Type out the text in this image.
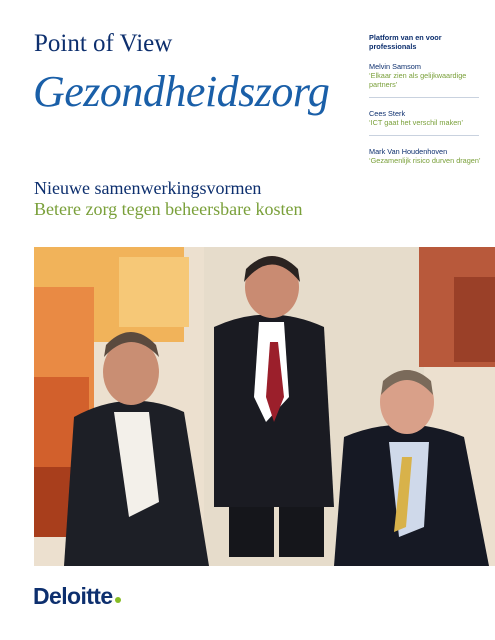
Point of View
Gezondheidszorg
Nieuwe samenwerkingsvormen
Betere zorg tegen beheersbare kosten
Platform van en voor professionals
Melvin Samsom
‘Elkaar zien als gelijkwaardige partners’
Cees Sterk
‘ICT gaat het verschil maken’
Mark Van Houdenhoven
‘Gezamenlijk risico durven dragen’
Deloitte
